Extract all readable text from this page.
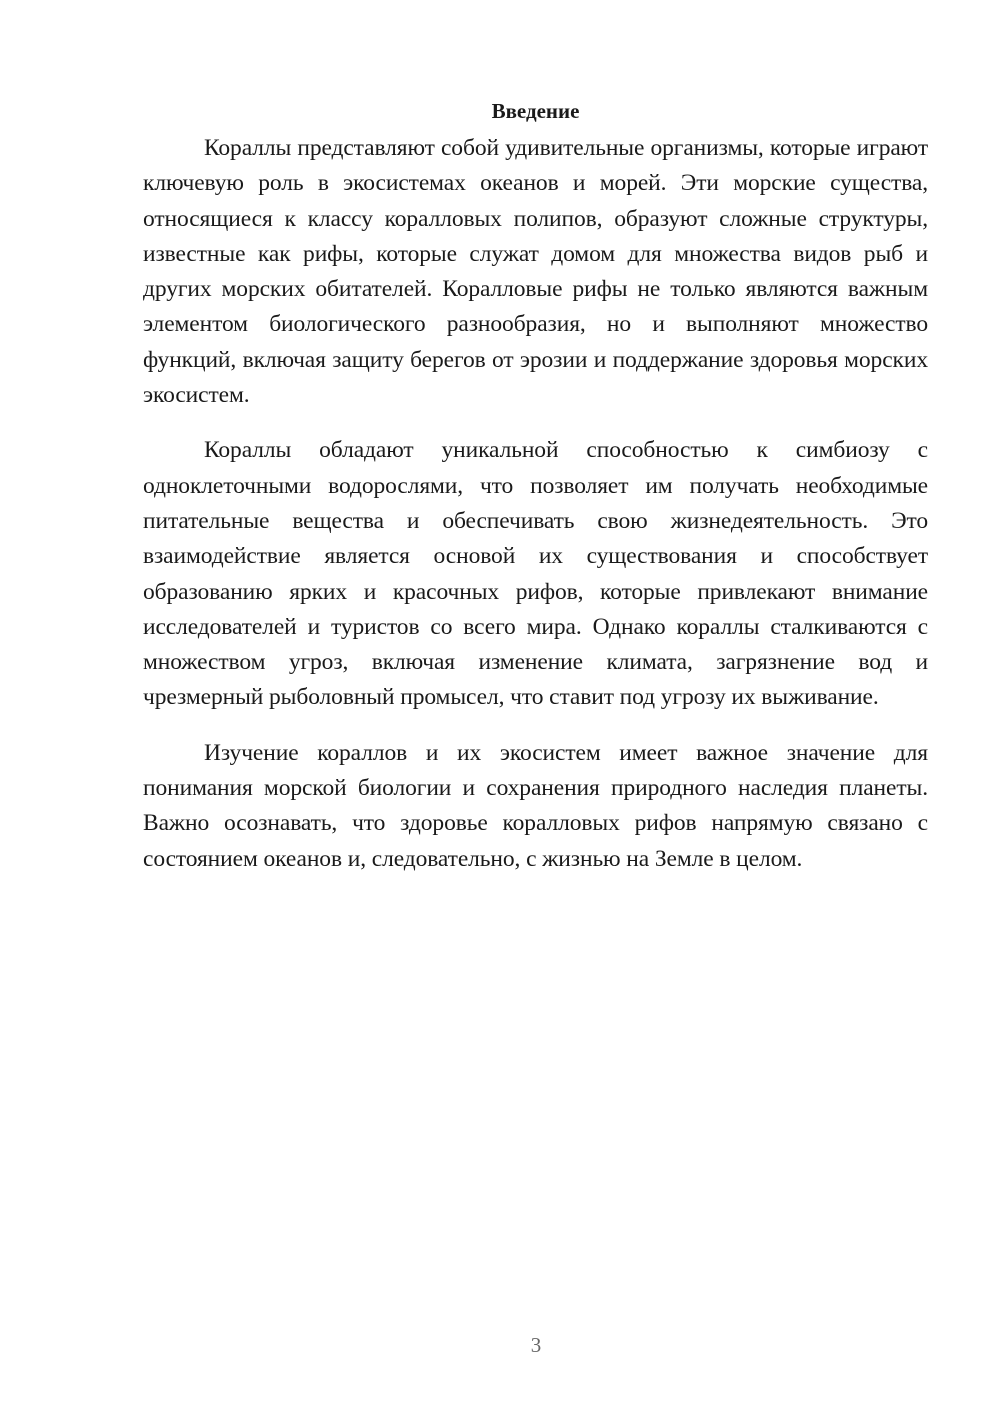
Введение

Кораллы представляют собой удивительные организмы, которые играют ключевую роль в экосистемах океанов и морей. Эти морские существа, относящиеся к классу коралловых полипов, образуют сложные структуры, известные как рифы, которые служат домом для множества видов рыб и других морских обитателей. Коралловые рифы не только являются важным элементом биологического разнообразия, но и выполняют множество функций, включая защиту берегов от эрозии и поддержание здоровья морских экосистем.

Кораллы обладают уникальной способностью к симбиозу с одноклеточными водорослями, что позволяет им получать необходимые питательные вещества и обеспечивать свою жизнедеятельность. Это взаимодействие является основой их существования и способствует образованию ярких и красочных рифов, которые привлекают внимание исследователей и туристов со всего мира. Однако кораллы сталкиваются с множеством угроз, включая изменение климата, загрязнение вод и чрезмерный рыболовный промысел, что ставит под угрозу их выживание.

Изучение кораллов и их экосистем имеет важное значение для понимания морской биологии и сохранения природного наследия планеты. Важно осознавать, что здоровье коралловых рифов напрямую связано с состоянием океанов и, следовательно, с жизнью на Земле в целом.

3
